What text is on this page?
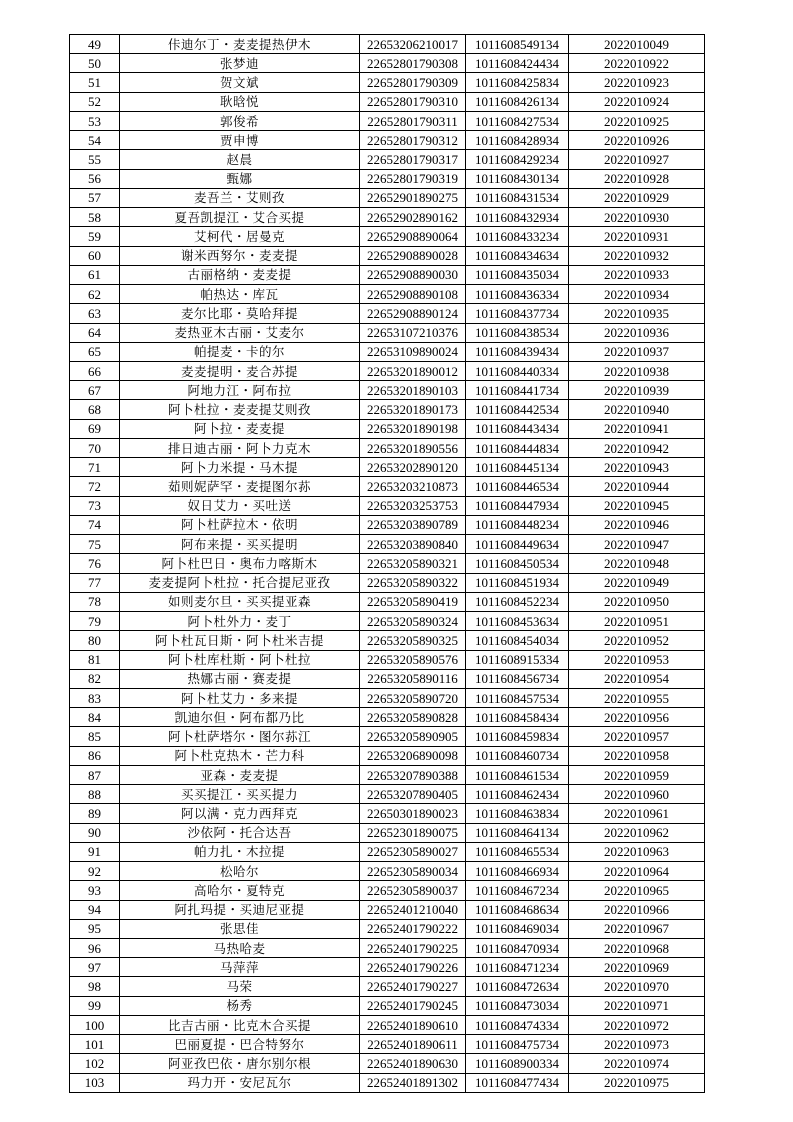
49	佧迪尔丁・麦麦提热伊木	22653206210017	1011608549134	2022010049
50	张梦迪	22652801790308	1011608424434	2022010922
51	贺文斌	22652801790309	1011608425834	2022010923
52	耿晗悦	22652801790310	1011608426134	2022010924
53	郭俊希	22652801790311	1011608427534	2022010925
54	贾申博	22652801790312	1011608428934	2022010926
55	赵晨	22652801790317	1011608429234	2022010927
56	甄娜	22652801790319	1011608430134	2022010928
57	麦吾兰・艾则孜	22652901890275	1011608431534	2022010929
58	夏吾凯提江・艾合买提	22652902890162	1011608432934	2022010930
59	艾柯代・居曼克	22652908890064	1011608433234	2022010931
60	谢米西努尔・麦麦提	22652908890028	1011608434634	2022010932
61	古丽格纳・麦麦提	22652908890030	1011608435034	2022010933
62	帕热达・库瓦	22652908890108	1011608436334	2022010934
63	麦尔比耶・莫哈拜提	22652908890124	1011608437734	2022010935
64	麦热亚木古丽・艾麦尔	22653107210376	1011608438534	2022010936
65	帕提麦・卡的尔	22653109890024	1011608439434	2022010937
66	麦麦提明・麦合苏提	22653201890012	1011608440334	2022010938
67	阿地力江・阿布拉	22653201890103	1011608441734	2022010939
68	阿卜杜拉・麦麦提艾则孜	22653201890173	1011608442534	2022010940
69	阿卜拉・麦麦提	22653201890198	1011608443434	2022010941
70	排日迪古丽・阿卜力克木	22653201890556	1011608444834	2022010942
71	阿卜力米提・马木提	22653202890120	1011608445134	2022010943
72	茹则妮萨罕・麦提图尔荪	22653203210873	1011608446534	2022010944
73	奴日艾力・买吐送	22653203253753	1011608447934	2022010945
74	阿卜杜萨拉木・依明	22653203890789	1011608448234	2022010946
75	阿布来提・买买提明	22653203890840	1011608449634	2022010947
76	阿卜杜巴日・奥布力喀斯木	22653205890321	1011608450534	2022010948
77	麦麦提阿卜杜拉・托合提尼亚孜	22653205890322	1011608451934	2022010949
78	如则麦尔旦・买买提亚森	22653205890419	1011608452234	2022010950
79	阿卜杜外力・麦丁	22653205890324	1011608453634	2022010951
80	阿卜杜瓦日斯・阿卜杜米吉提	22653205890325	1011608454034	2022010952
81	阿卜杜库杜斯・阿卜杜拉	22653205890576	1011608915334	2022010953
82	热娜古丽・赛麦提	22653205890116	1011608456734	2022010954
83	阿卜杜艾力・多来提	22653205890720	1011608457534	2022010955
84	凯迪尔但・阿布都乃比	22653205890828	1011608458434	2022010956
85	阿卜杜萨塔尔・图尔荪江	22653205890905	1011608459834	2022010957
86	阿卜杜克热木・芒力科	22653206890098	1011608460734	2022010958
87	亚森・麦麦提	22653207890388	1011608461534	2022010959
88	买买提江・买买提力	22653207890405	1011608462434	2022010960
89	阿以满・克力西拜克	22650301890023	1011608463834	2022010961
90	沙依阿・托合达吾	22652301890075	1011608464134	2022010962
91	帕力扎・木拉提	22652305890027	1011608465534	2022010963
92	松哈尔	22652305890034	1011608466934	2022010964
93	高哈尔・夏特克	22652305890037	1011608467234	2022010965
94	阿扎玛提・买迪尼亚提	22652401210040	1011608468634	2022010966
95	张思佳	22652401790222	1011608469034	2022010967
96	马热哈麦	22652401790225	1011608470934	2022010968
97	马萍萍	22652401790226	1011608471234	2022010969
98	马荣	22652401790227	1011608472634	2022010970
99	杨秀	22652401790245	1011608473034	2022010971
100	比吉古丽・比克木合买提	22652401890610	1011608474334	2022010972
101	巴丽夏提・巴合特努尔	22652401890611	1011608475734	2022010973
102	阿亚孜巴依・唐尔别尔根	22652401890630	1011608900334	2022010974
103	玛力开・安尼瓦尔	22652401891302	1011608477434	2022010975
